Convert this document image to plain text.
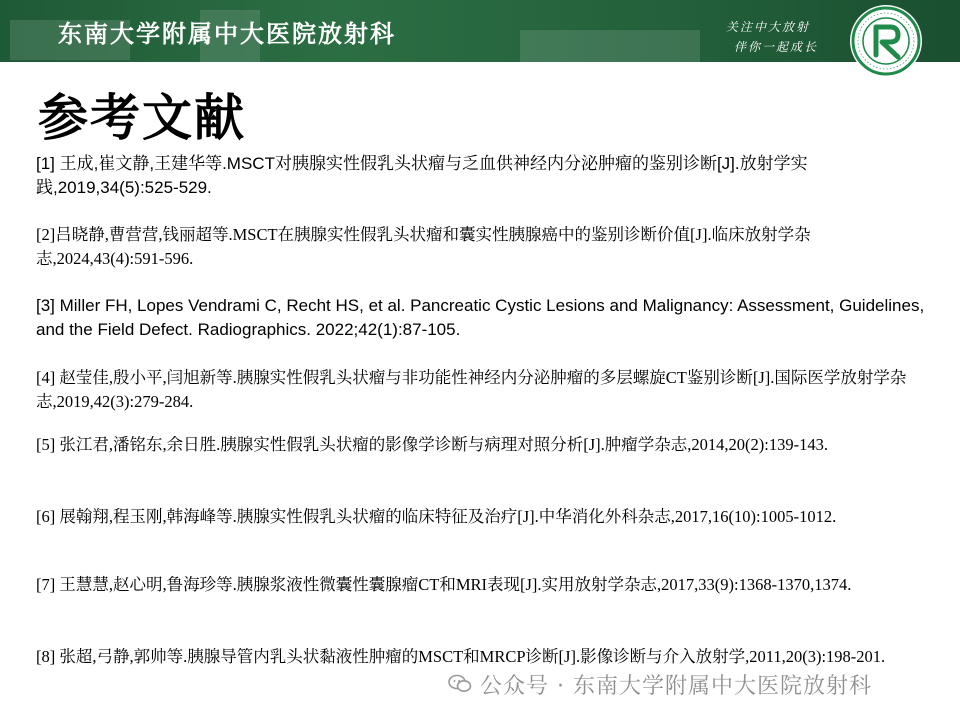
东南大学附属中大医院放射科	关注中大放射
伴你一起成长
参考文献
[1] 王成,崔文静,王建华等.MSCT对胰腺实性假乳头状瘤与乏血供神经内分泌肿瘤的鉴别诊断[J].放射学实践,2019,34(5):525-529.
[2]吕晓静,曹营营,钱丽超等.MSCT在胰腺实性假乳头状瘤和囊实性胰腺癌中的鉴别诊断价值[J].临床放射学杂志,2024,43(4):591-596.
[3] Miller FH, Lopes Vendrami C, Recht HS, et al. Pancreatic Cystic Lesions and Malignancy: Assessment, Guidelines, and the Field Defect. Radiographics. 2022;42(1):87-105.
[4] 赵莹佳,殷小平,闫旭新等.胰腺实性假乳头状瘤与非功能性神经内分泌肿瘤的多层螺旋CT鉴别诊断[J].国际医学放射学杂志,2019,42(3):279-284.
[5] 张江君,潘铭东,余日胜.胰腺实性假乳头状瘤的影像学诊断与病理对照分析[J].肿瘤学杂志,2014,20(2):139-143.
[6] 展翰翔,程玉刚,韩海峰等.胰腺实性假乳头状瘤的临床特征及治疗[J].中华消化外科杂志,2017,16(10):1005-1012.
[7] 王慧慧,赵心明,鲁海珍等.胰腺浆液性微囊性囊腺瘤CT和MRI表现[J].实用放射学杂志,2017,33(9):1368-1370,1374.
[8] 张超,弓静,郭帅等.胰腺导管内乳头状黏液性肿瘤的MSCT和MRCP诊断[J].影像诊断与介入放射学,2011,20(3):198-201.
公众号 · 东南大学附属中大医院放射科
